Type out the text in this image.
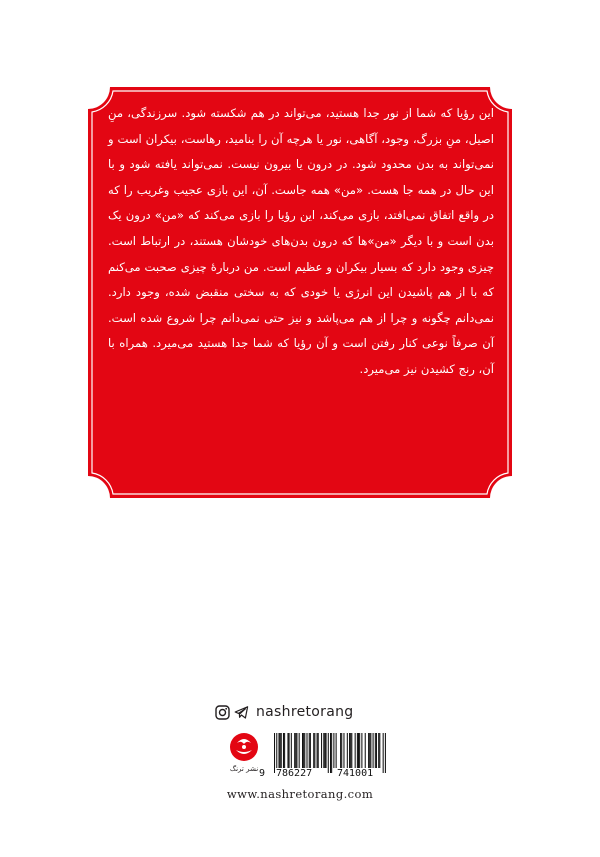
این رؤیا که شما از نور جدا هستید، می‌تواند در هم شکسته شود. سرزندگی، منِ اصیل، منِ بزرگ، وجود، آگاهی، نور یا هرچه آن را بنامید، رهاست، بیکران است و نمی‌تواند به بدن محدود شود. در درون یا بیرون نیست. نمی‌تواند یافته شود و با این حال در همه جا هست. «من» همه جاست. آن، این بازی عجیب وغریب را که در واقع اتفاق نمی‌افتد، بازی می‌کند، این رؤیا را بازی می‌کند که «من» درون یک بدن است و با دیگر «من»ها که درون بدن‌های خودشان هستند، در ارتباط است. چیزی وجود دارد که بسیار بیکران و عظیم است. من دربارهٔ چیزی صحبت می‌کنم که با از هم پاشیدن این انرژی یا خودی که به سختی منقبض شده، وجود دارد. نمی‌دانم چگونه و چرا از هم می‌پاشد و نیز حتی نمی‌دانم چرا شروع شده است. آن صرفاً نوعی کنار رفتن است و آن رؤیا که شما جدا هستید می‌میرد. همراه با آن، رنج کشیدن نیز می‌میرد.
nashretorang
نشر ترنگ 9 786227 741001
www.nashretorang.com
